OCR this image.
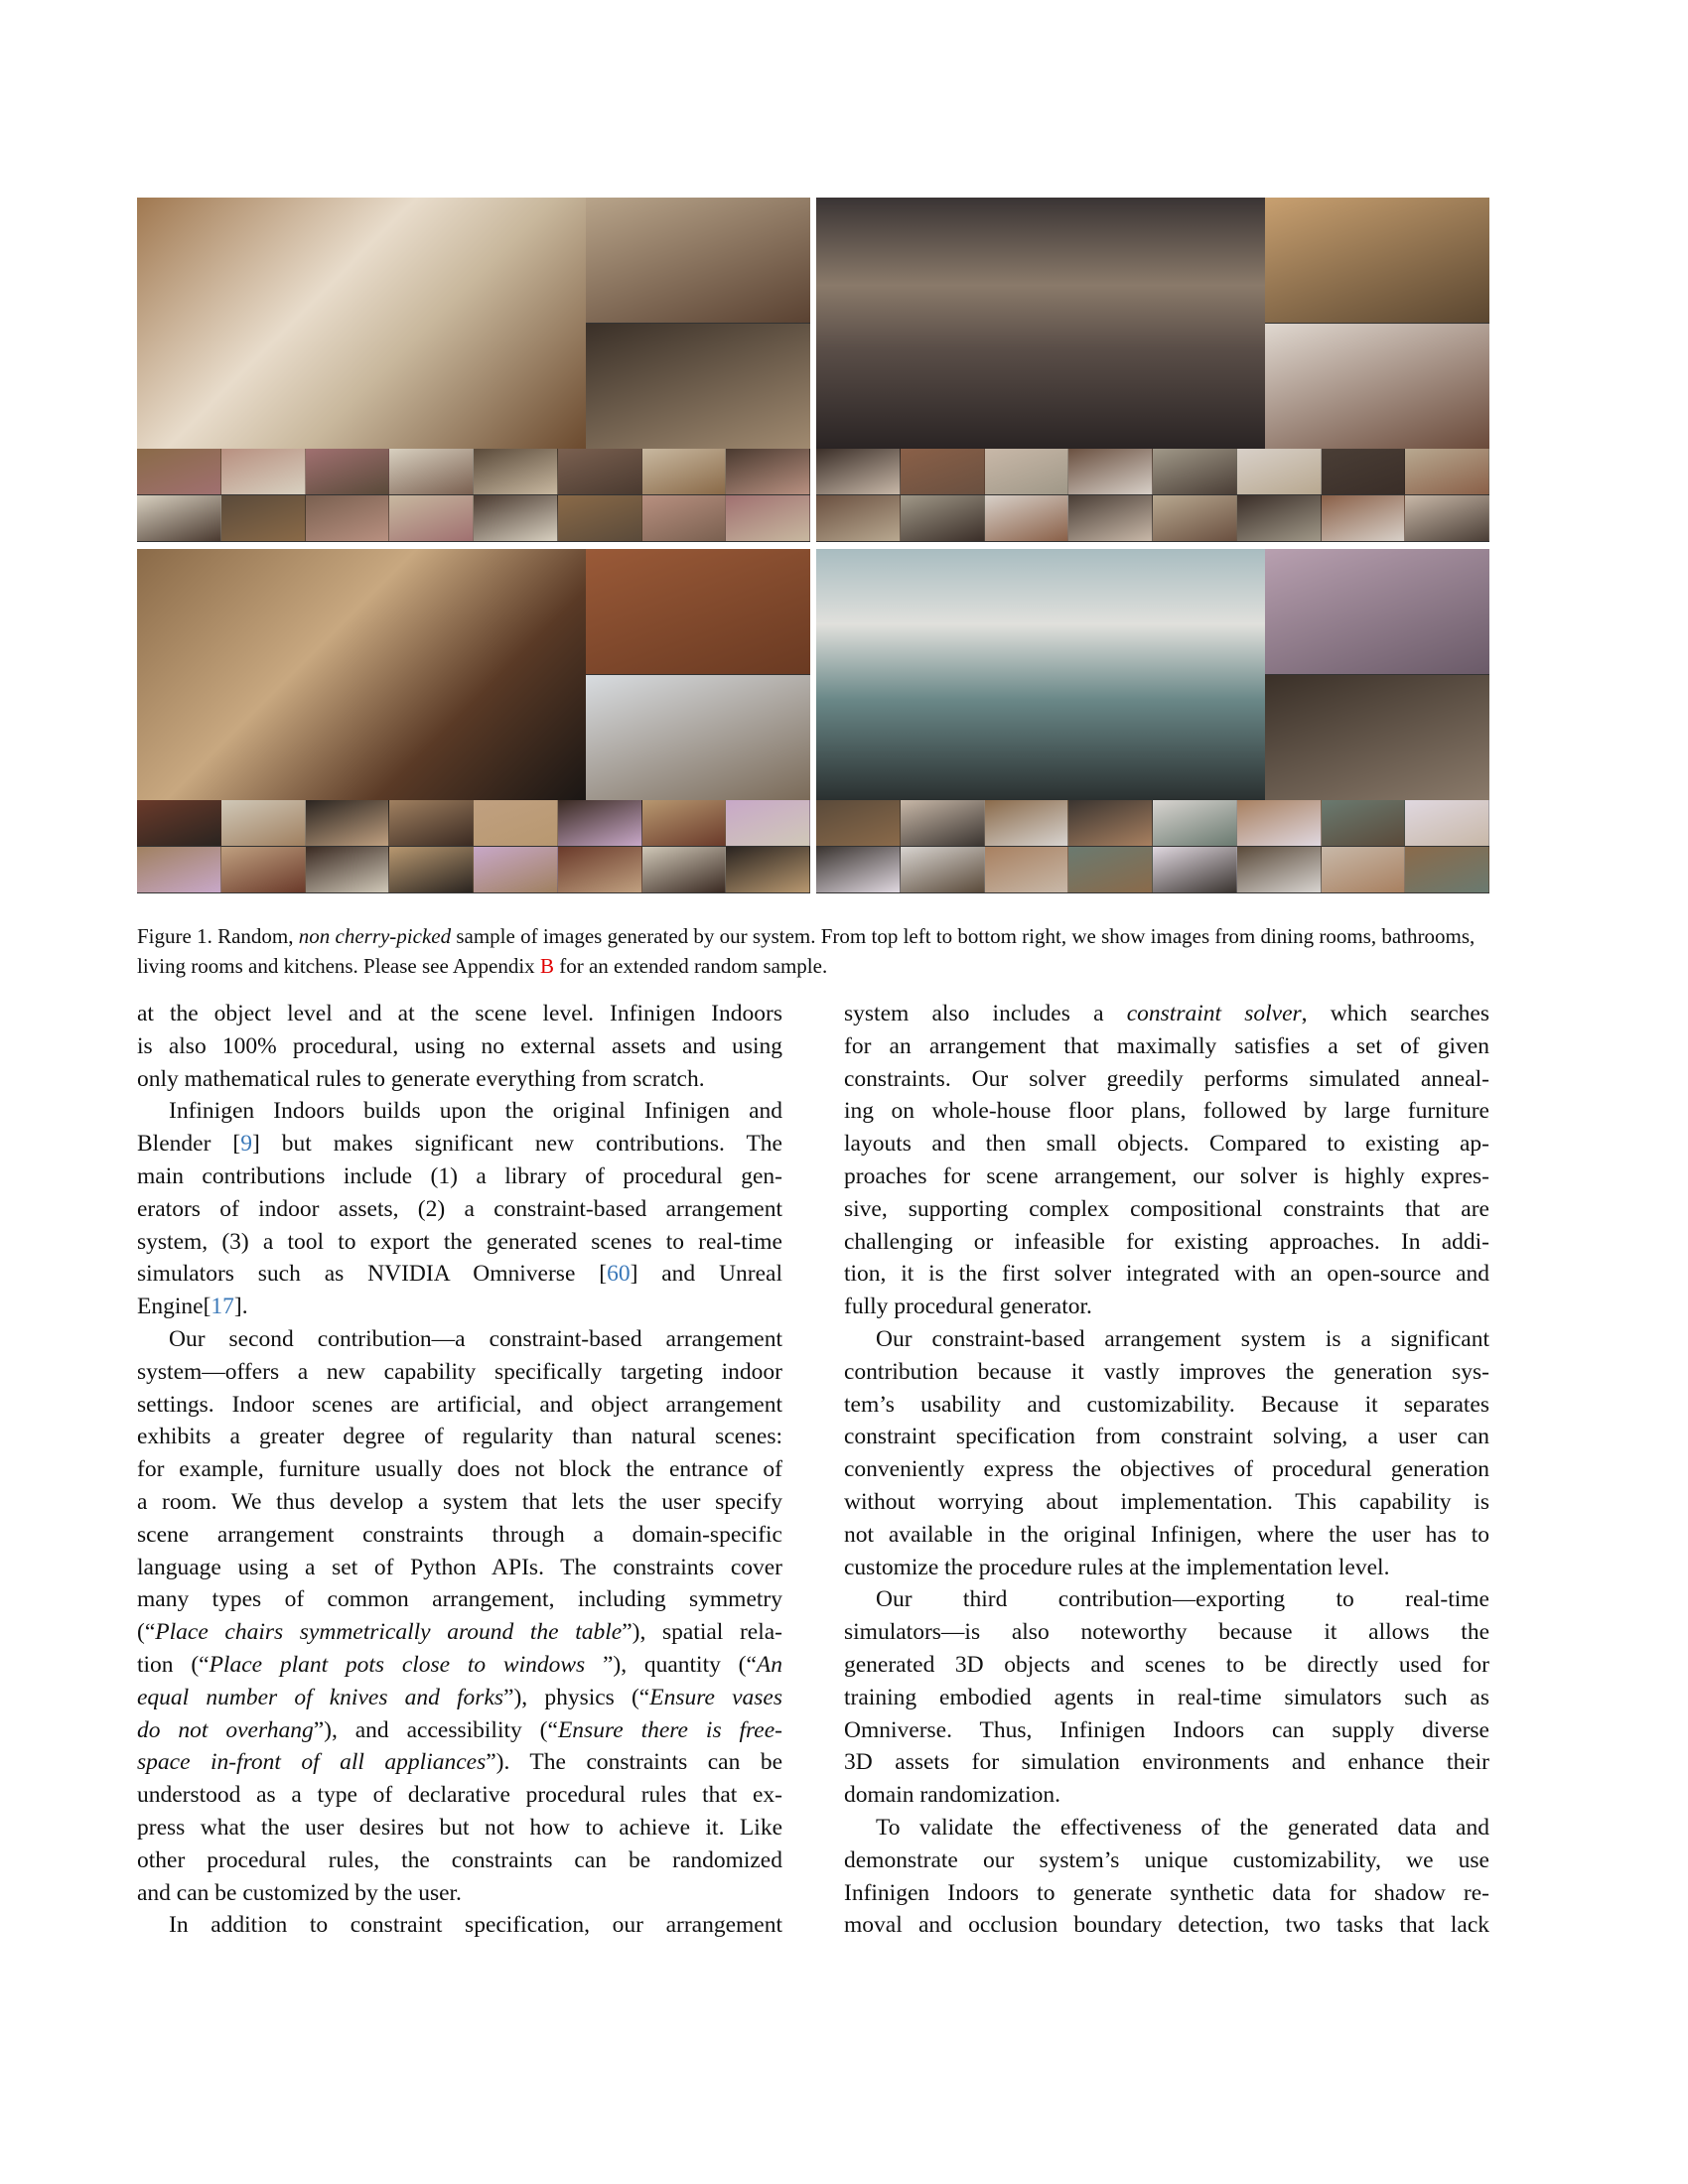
Figure 1. Random, non cherry-picked sample of images generated by our system. From top left to bottom right, we show images from dining rooms, bathrooms, living rooms and kitchens. Please see Appendix B for an extended random sample.
at the object level and at the scene level. Infinigen Indoors
is also 100% procedural, using no external assets and using
only mathematical rules to generate everything from scratch.
Infinigen Indoors builds upon the original Infinigen and
Blender [9] but makes significant new contributions. The
main contributions include (1) a library of procedural gen-
erators of indoor assets, (2) a constraint-based arrangement
system, (3) a tool to export the generated scenes to real-time
simulators such as NVIDIA Omniverse [60] and Unreal
Engine[17].
Our second contribution—a constraint-based arrangement
system—offers a new capability specifically targeting indoor
settings. Indoor scenes are artificial, and object arrangement
exhibits a greater degree of regularity than natural scenes:
for example, furniture usually does not block the entrance of
a room. We thus develop a system that lets the user specify
scene arrangement constraints through a domain-specific
language using a set of Python APIs. The constraints cover
many types of common arrangement, including symmetry
(“Place chairs symmetrically around the table”), spatial rela-
tion (“Place plant pots close to windows ”), quantity (“An
equal number of knives and forks”), physics (“Ensure vases
do not overhang”), and accessibility (“Ensure there is free-
space in-front of all appliances”). The constraints can be
understood as a type of declarative procedural rules that ex-
press what the user desires but not how to achieve it. Like
other procedural rules, the constraints can be randomized
and can be customized by the user.
In addition to constraint specification, our arrangement
system also includes a constraint solver, which searches
for an arrangement that maximally satisfies a set of given
constraints. Our solver greedily performs simulated anneal-
ing on whole-house floor plans, followed by large furniture
layouts and then small objects. Compared to existing ap-
proaches for scene arrangement, our solver is highly expres-
sive, supporting complex compositional constraints that are
challenging or infeasible for existing approaches. In addi-
tion, it is the first solver integrated with an open-source and
fully procedural generator.
Our constraint-based arrangement system is a significant
contribution because it vastly improves the generation sys-
tem’s usability and customizability. Because it separates
constraint specification from constraint solving, a user can
conveniently express the objectives of procedural generation
without worrying about implementation. This capability is
not available in the original Infinigen, where the user has to
customize the procedure rules at the implementation level.
Our third contribution—exporting to real-time
simulators—is also noteworthy because it allows the
generated 3D objects and scenes to be directly used for
training embodied agents in real-time simulators such as
Omniverse. Thus, Infinigen Indoors can supply diverse
3D assets for simulation environments and enhance their
domain randomization.
To validate the effectiveness of the generated data and
demonstrate our system’s unique customizability, we use
Infinigen Indoors to generate synthetic data for shadow re-
moval and occlusion boundary detection, two tasks that lack
